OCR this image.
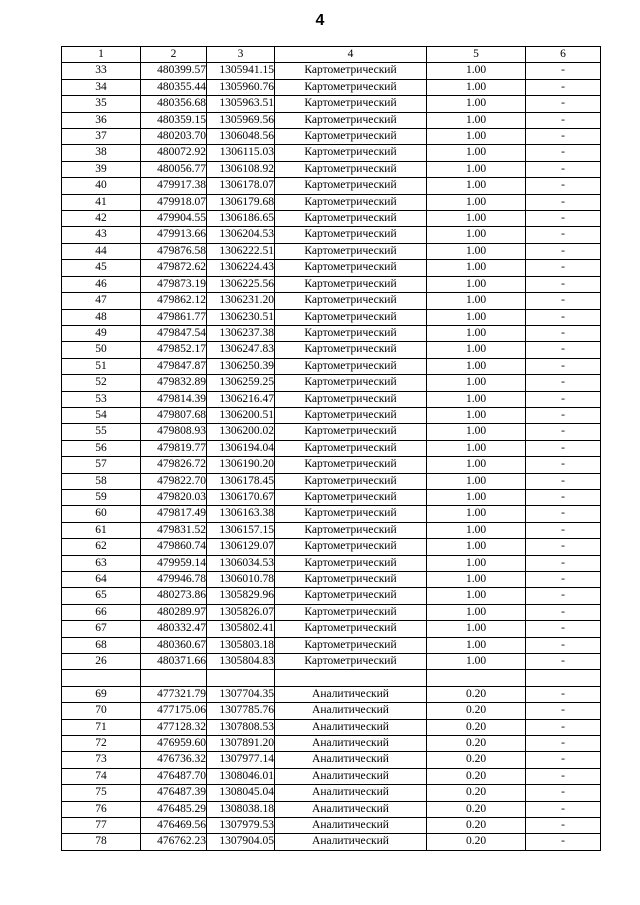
4
1	2	3	4	5	6
33	480399.57	1305941.15	Картометрический	1.00	-
34	480355.44	1305960.76	Картометрический	1.00	-
35	480356.68	1305963.51	Картометрический	1.00	-
36	480359.15	1305969.56	Картометрический	1.00	-
37	480203.70	1306048.56	Картометрический	1.00	-
38	480072.92	1306115.03	Картометрический	1.00	-
39	480056.77	1306108.92	Картометрический	1.00	-
40	479917.38	1306178.07	Картометрический	1.00	-
41	479918.07	1306179.68	Картометрический	1.00	-
42	479904.55	1306186.65	Картометрический	1.00	-
43	479913.66	1306204.53	Картометрический	1.00	-
44	479876.58	1306222.51	Картометрический	1.00	-
45	479872.62	1306224.43	Картометрический	1.00	-
46	479873.19	1306225.56	Картометрический	1.00	-
47	479862.12	1306231.20	Картометрический	1.00	-
48	479861.77	1306230.51	Картометрический	1.00	-
49	479847.54	1306237.38	Картометрический	1.00	-
50	479852.17	1306247.83	Картометрический	1.00	-
51	479847.87	1306250.39	Картометрический	1.00	-
52	479832.89	1306259.25	Картометрический	1.00	-
53	479814.39	1306216.47	Картометрический	1.00	-
54	479807.68	1306200.51	Картометрический	1.00	-
55	479808.93	1306200.02	Картометрический	1.00	-
56	479819.77	1306194.04	Картометрический	1.00	-
57	479826.72	1306190.20	Картометрический	1.00	-
58	479822.70	1306178.45	Картометрический	1.00	-
59	479820.03	1306170.67	Картометрический	1.00	-
60	479817.49	1306163.38	Картометрический	1.00	-
61	479831.52	1306157.15	Картометрический	1.00	-
62	479860.74	1306129.07	Картометрический	1.00	-
63	479959.14	1306034.53	Картометрический	1.00	-
64	479946.78	1306010.78	Картометрический	1.00	-
65	480273.86	1305829.96	Картометрический	1.00	-
66	480289.97	1305826.07	Картометрический	1.00	-
67	480332.47	1305802.41	Картометрический	1.00	-
68	480360.67	1305803.18	Картометрический	1.00	-
26	480371.66	1305804.83	Картометрический	1.00	-

69	477321.79	1307704.35	Аналитический	0.20	-
70	477175.06	1307785.76	Аналитический	0.20	-
71	477128.32	1307808.53	Аналитический	0.20	-
72	476959.60	1307891.20	Аналитический	0.20	-
73	476736.32	1307977.14	Аналитический	0.20	-
74	476487.70	1308046.01	Аналитический	0.20	-
75	476487.39	1308045.04	Аналитический	0.20	-
76	476485.29	1308038.18	Аналитический	0.20	-
77	476469.56	1307979.53	Аналитический	0.20	-
78	476762.23	1307904.05	Аналитический	0.20	-
